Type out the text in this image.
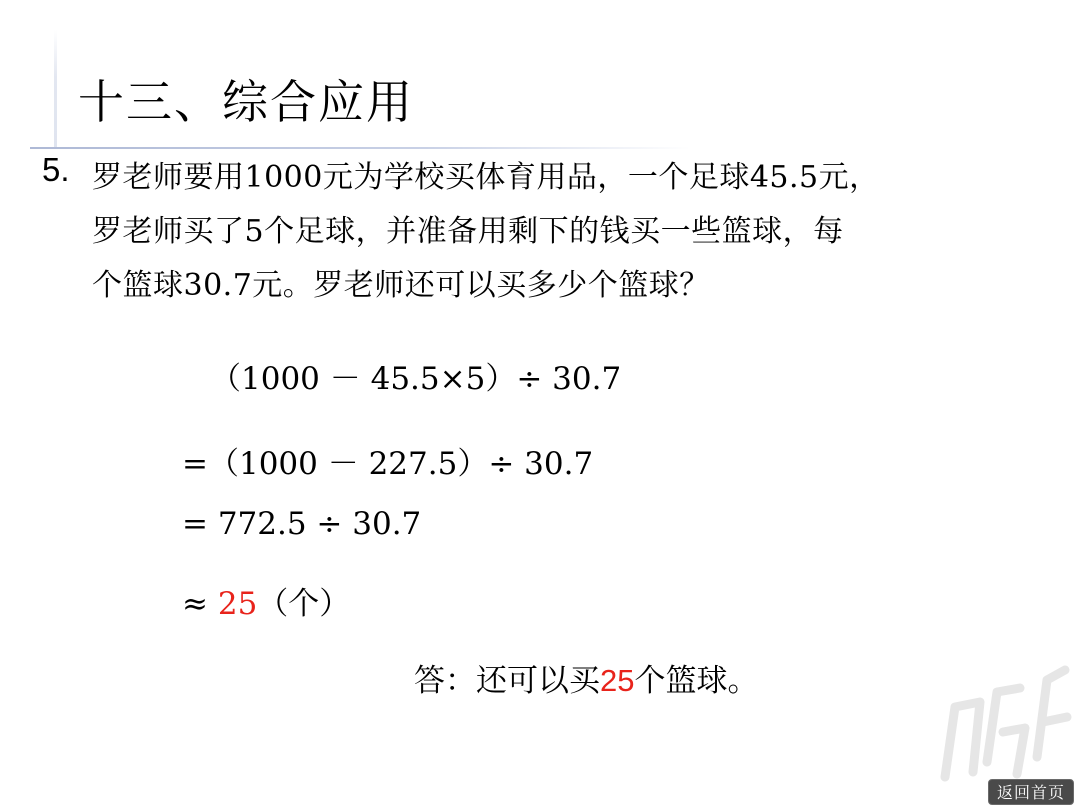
十三、综合应用
5. 罗老师要用1000元为学校买体育用品，一个足球45.5元，
罗老师买了5个足球，并准备用剩下的钱买一些篮球，每
个篮球30.7元。罗老师还可以买多少个篮球？
（1000 － 45.5×5）÷ 30.7
=（1000 － 227.5）÷ 30.7
= 772.5 ÷ 30.7
≈ 25（个）
答：还可以买25个篮球。
返回首页
